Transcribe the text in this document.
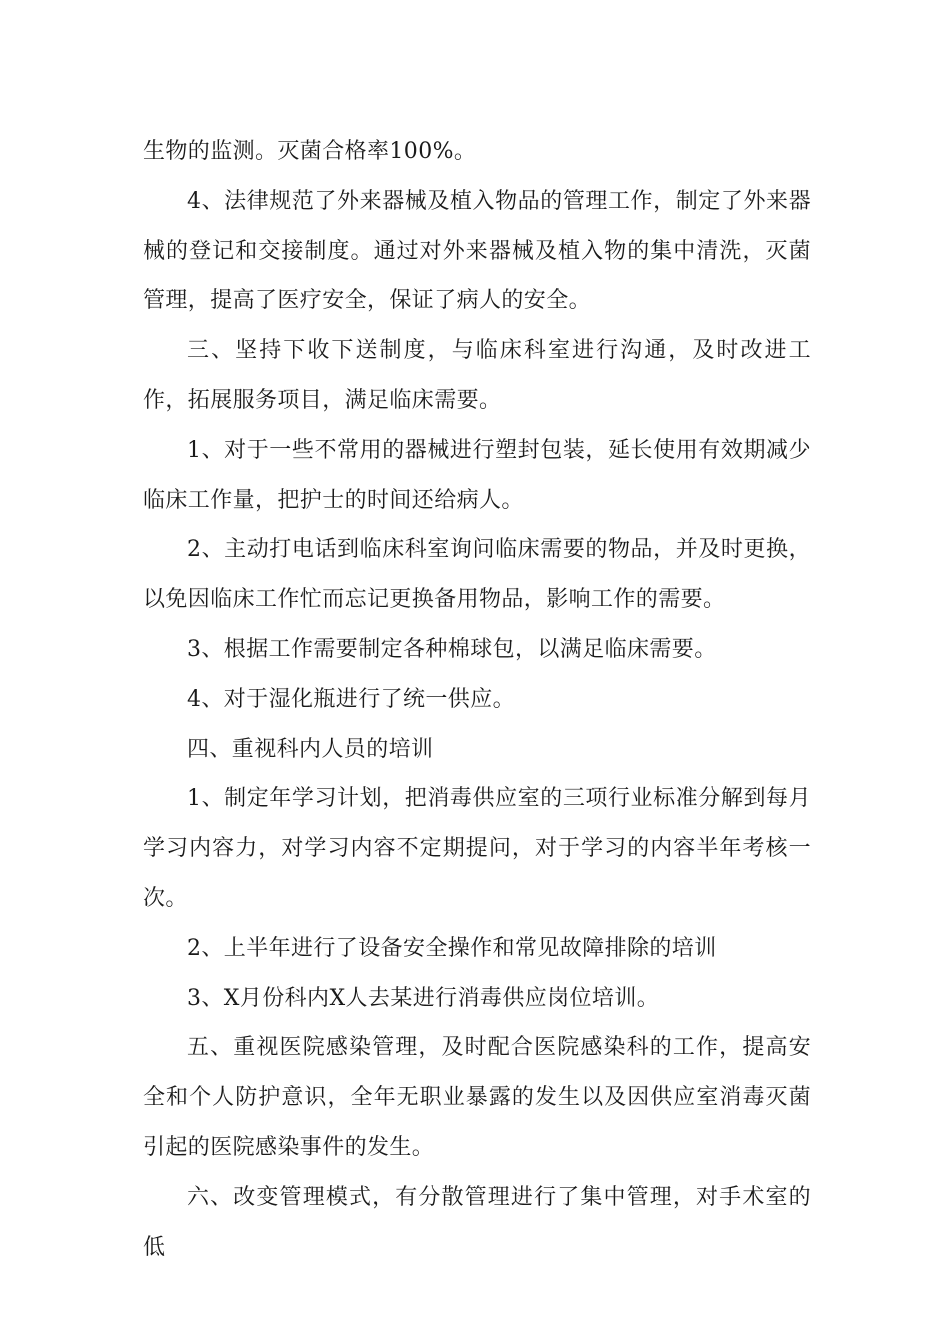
生物的监测。灭菌合格率100%。

4、法律规范了外来器械及植入物品的管理工作，制定了外来器械的登记和交接制度。通过对外来器械及植入物的集中清洗，灭菌管理，提高了医疗安全，保证了病人的安全。

三、坚持下收下送制度，与临床科室进行沟通，及时改进工作，拓展服务项目，满足临床需要。

1、对于一些不常用的器械进行塑封包装，延长使用有效期减少临床工作量，把护士的时间还给病人。

2、主动打电话到临床科室询问临床需要的物品，并及时更换，以免因临床工作忙而忘记更换备用物品，影响工作的需要。

3、根据工作需要制定各种棉球包，以满足临床需要。

4、对于湿化瓶进行了统一供应。

四、重视科内人员的培训

1、制定年学习计划，把消毒供应室的三项行业标准分解到每月学习内容力，对学习内容不定期提问，对于学习的内容半年考核一次。

2、上半年进行了设备安全操作和常见故障排除的培训

3、X月份科内X人去某进行消毒供应岗位培训。

五、重视医院感染管理，及时配合医院感染科的工作，提高安全和个人防护意识，全年无职业暴露的发生以及因供应室消毒灭菌引起的医院感染事件的发生。

六、改变管理模式，有分散管理进行了集中管理，对手术室的低
